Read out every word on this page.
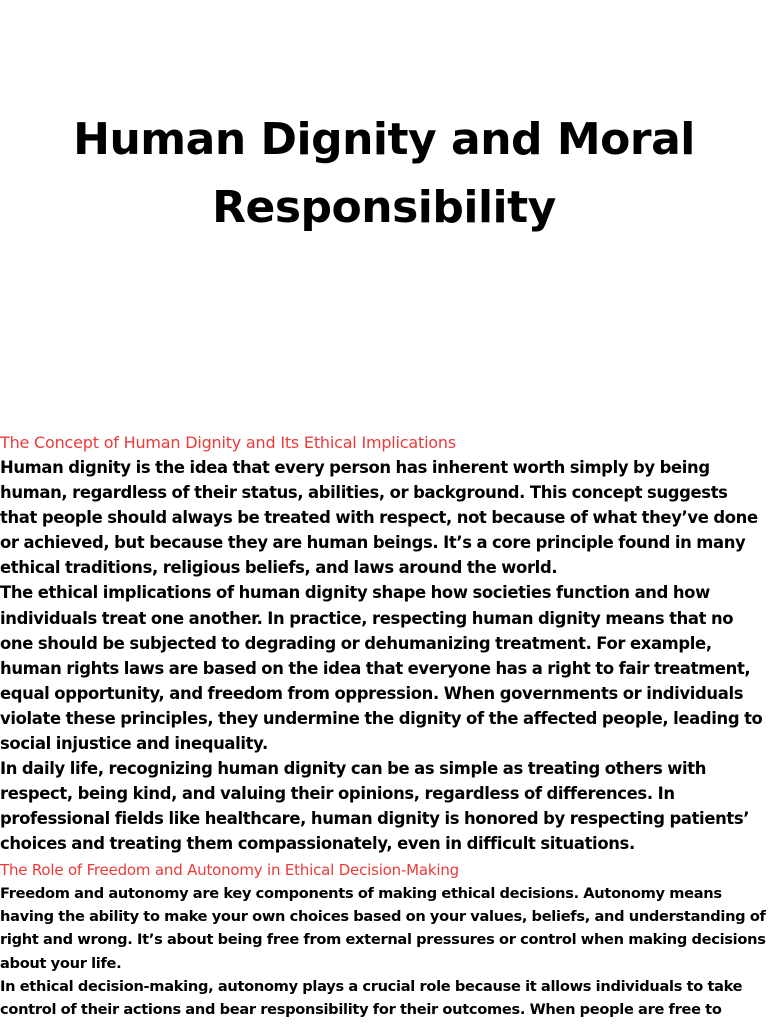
Human Dignity and Moral
Responsibility
The Concept of Human Dignity and Its Ethical Implications

Human dignity is the idea that every person has inherent worth simply by being human, regardless of their status, abilities, or background. This concept suggests that people should always be treated with respect, not because of what they’ve done or achieved, but because they are human beings. It’s a core principle found in many ethical traditions, religious beliefs, and laws around the world.

The ethical implications of human dignity shape how societies function and how individuals treat one another. In practice, respecting human dignity means that no one should be subjected to degrading or dehumanizing treatment. For example, human rights laws are based on the idea that everyone has a right to fair treatment, equal opportunity, and freedom from oppression. When governments or individuals violate these principles, they undermine the dignity of the affected people, leading to social injustice and inequality.

In daily life, recognizing human dignity can be as simple as treating others with respect, being kind, and valuing their opinions, regardless of differences. In professional fields like healthcare, human dignity is honored by respecting patients’ choices and treating them compassionately, even in difficult situations.

The Role of Freedom and Autonomy in Ethical Decision-Making

Freedom and autonomy are key components of making ethical decisions. Autonomy means having the ability to make your own choices based on your values, beliefs, and understanding of right and wrong. It’s about being free from external pressures or control when making decisions about your life.

In ethical decision-making, autonomy plays a crucial role because it allows individuals to take control of their actions and bear responsibility for their outcomes. When people are free to
